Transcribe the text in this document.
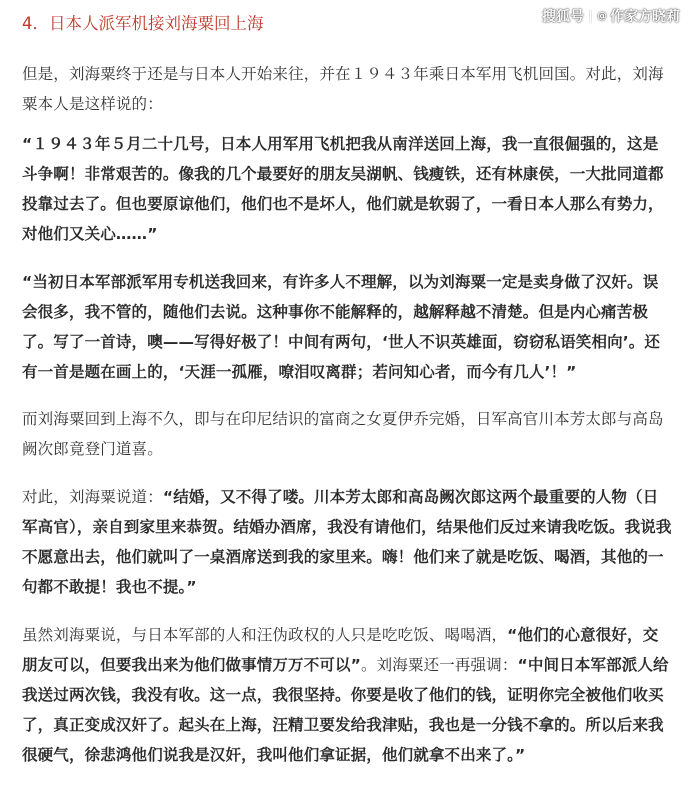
4．日本人派军机接刘海粟回上海

但是，刘海粟终于还是与日本人开始来往，并在１９４３年乘日本军用飞机回国。对此，刘海粟本人是这样说的：

“１９４３年５月二十几号，日本人用军用飞机把我从南洋送回上海，我一直很倔强的，这是斗争啊！非常艰苦的。像我的几个最要好的朋友吴湖帆、钱瘦铁，还有林康侯，一大批同道都投靠过去了。但也要原谅他们，他们也不是坏人，他们就是软弱了，一看日本人那么有势力，对他们又关心……”

“当初日本军部派军用专机送我回来，有许多人不理解，以为刘海粟一定是卖身做了汉奸。误会很多，我不管的，随他们去说。这种事你不能解释的，越解释越不清楚。但是内心痛苦极了。写了一首诗，噢——写得好极了！中间有两句，‘世人不识英雄面，窃窃私语笑相向’。还有一首是题在画上的，‘天涯一孤雁，嘹泪叹离群；若问知心者，而今有几人’！”

而刘海粟回到上海不久，即与在印尼结识的富商之女夏伊乔完婚，日军高官川本芳太郎与高岛阙次郎竟登门道喜。

对此，刘海粟说道：“结婚，又不得了喽。川本芳太郎和高岛阙次郎这两个最重要的人物（日军高官），亲自到家里来恭贺。结婚办酒席，我没有请他们，结果他们反过来请我吃饭。我说我不愿意出去，他们就叫了一桌酒席送到我的家里来。嗨！他们来了就是吃饭、喝酒，其他的一句都不敢提！我也不提。”

虽然刘海粟说，与日本军部的人和汪伪政权的人只是吃吃饭、喝喝酒，“他们的心意很好，交朋友可以，但要我出来为他们做事情万万不可以”。刘海粟还一再强调：“中间日本军部派人给我送过两次钱，我没有收。这一点，我很坚持。你要是收了他们的钱，证明你完全被他们收买了，真正变成汉奸了。起头在上海，汪精卫要发给我津贴，我也是一分钱不拿的。所以后来我很硬气，徐悲鸿他们说我是汉奸，我叫他们拿证据，他们就拿不出来了。”

搜狐号 @ 作家方晓莉
